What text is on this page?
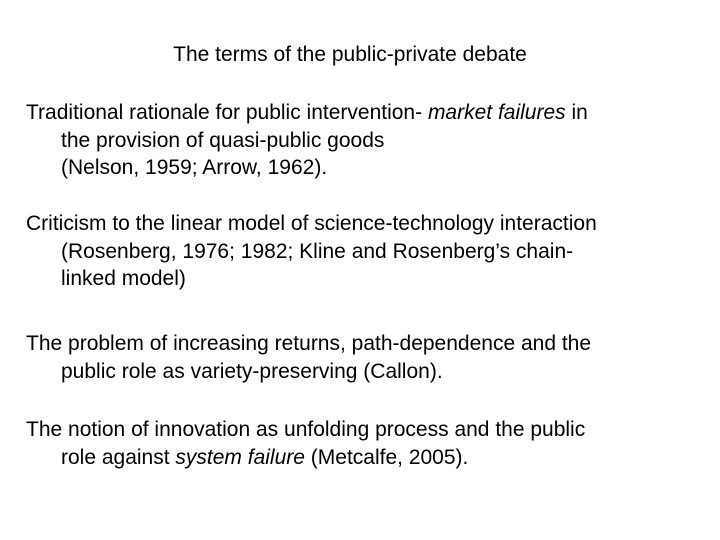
The terms of the public-private debate

Traditional rationale for public intervention- market failures in
the provision of quasi-public goods
(Nelson, 1959; Arrow, 1962).

Criticism to the linear model of science-technology interaction
(Rosenberg, 1976; 1982; Kline and Rosenberg’s chain-
linked model)

The problem of increasing returns, path-dependence and the
public role as variety-preserving (Callon).

The notion of innovation as unfolding process and the public
role against system failure (Metcalfe, 2005).
